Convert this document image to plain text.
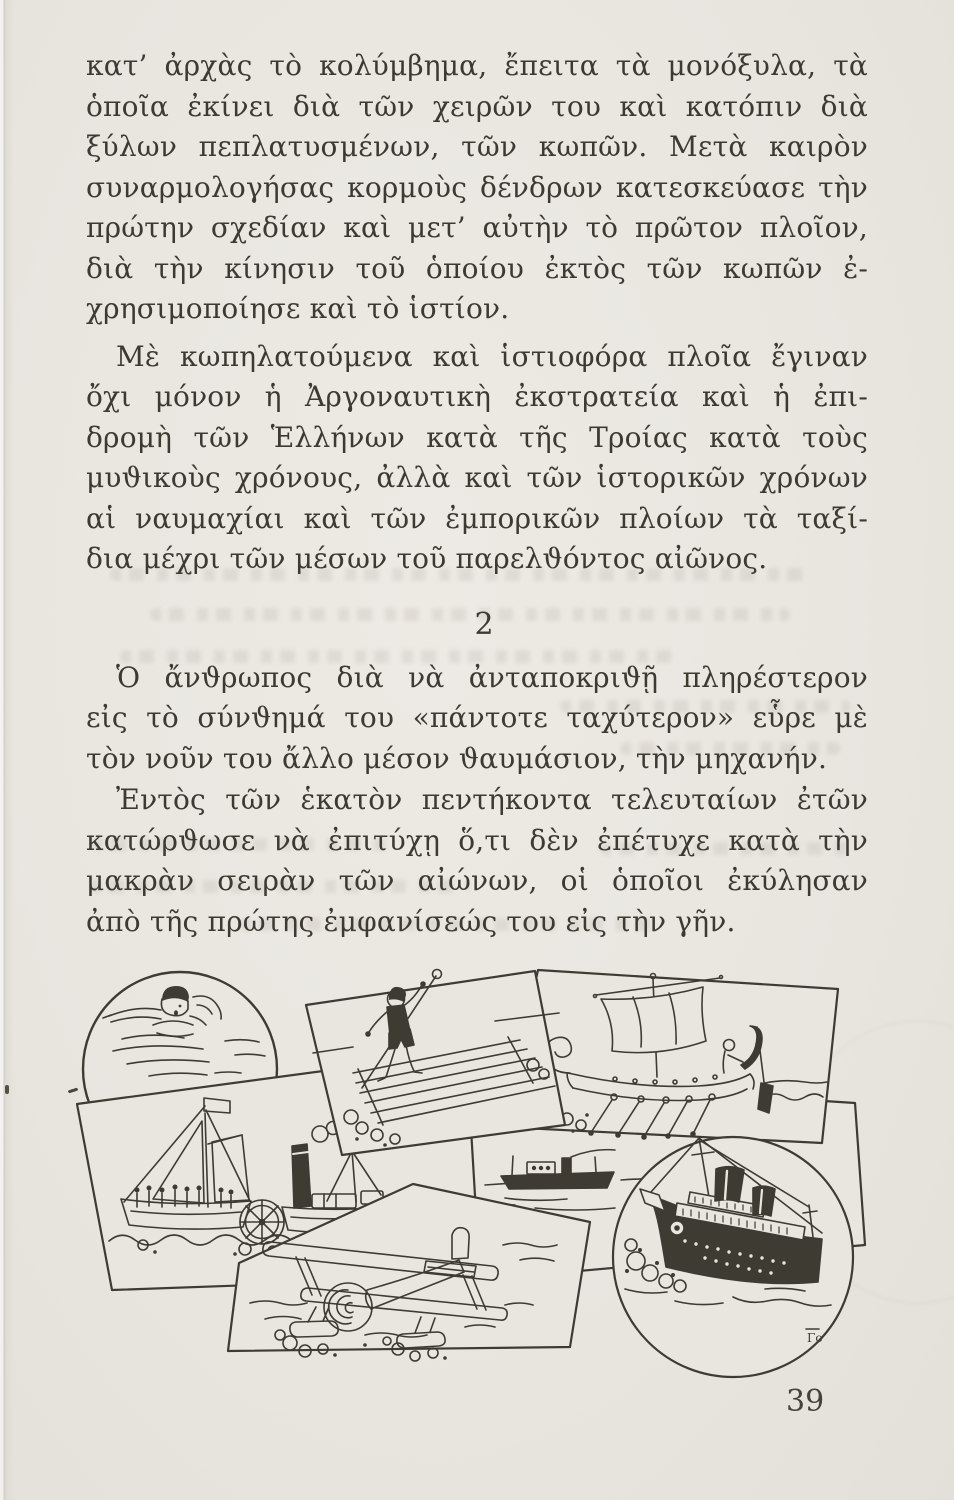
κατ’ ἀρχὰς τὸ κολύμβημα, ἔπειτα τὰ μονόξυλα, τὰ
ὁποῖα ἐκίνει διὰ τῶν χειρῶν του καὶ κατόπιν διὰ
ξύλων πεπλατυσμένων, τῶν κωπῶν. Μετὰ καιρὸν
συναρμολογήσας κορμοὺς δένδρων κατεσκεύασε τὴν
πρώτην σχεδίαν καὶ μετ’ αὐτὴν τὸ πρῶτον πλοῖον,
διὰ τὴν κίνησιν τοῦ ὁποίου ἐκτὸς τῶν κωπῶν ἐ-
χρησιμοποίησε καὶ τὸ ἱστίον.
Μὲ κωπηλατούμενα καὶ ἱστιοφόρα πλοῖα ἔγιναν
ὄχι μόνον ἡ Ἀργοναυτικὴ ἐκστρατεία καὶ ἡ ἐπι-
δρομὴ τῶν Ἑλλήνων κατὰ τῆς Τροίας κατὰ τοὺς
μυϑικοὺς χρόνους, ἀλλὰ καὶ τῶν ἱστορικῶν χρόνων
αἱ ναυμαχίαι καὶ τῶν ἐμπορικῶν πλοίων τὰ ταξί-
δια μέχρι τῶν μέσων τοῦ παρελϑόντος αἰῶνος.
2
Ὁ ἄνϑρωπος διὰ νὰ ἀνταποκριϑῇ πληρέστερον
εἰς τὸ σύνϑημά του «πάντοτε ταχύτερον» εὗρε μὲ
τὸν νοῦν του ἄλλο μέσον ϑαυμάσιον, τὴν μηχανήν.
Ἐντὸς τῶν ἑκατὸν πεντήκοντα τελευταίων ἐτῶν
κατώρϑωσε νὰ ἐπιτύχῃ ὅ,τι δὲν ἐπέτυχε κατὰ τὴν
μακρὰν σειρὰν τῶν αἰώνων, οἱ ὁποῖοι ἐκύλησαν
ἀπὸ τῆς πρώτης ἐμφανίσεώς του εἰς τὴν γῆν.
Γο
39
